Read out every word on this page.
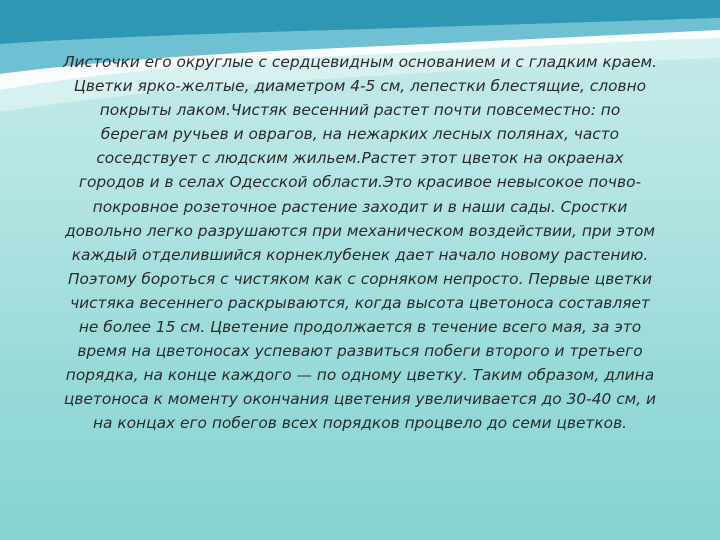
Листочки его округлые с сердцевидным основанием и с гладким краем.
Цветки ярко-желтые, диаметром 4-5 см, лепестки блестящие, словно
покрыты лаком.Чистяк весенний растет почти повсеместно: по
берегам ручьев и оврагов, на нежарких лесных полянах, часто
соседствует с людским жильем.Растет этот цветок на окраенах
городов и в селах Одесской области.Это красивое невысокое почво-
покровное розеточное растение заходит и в наши сады. Сростки
довольно легко разрушаются при механическом воздействии, при этом
каждый отделившийся корнеклубенек дает начало новому растению.
Поэтому бороться с чистяком как с сорняком непросто. Первые цветки
чистяка весеннего раскрываются, когда высота цветоноса составляет
не более 15 см. Цветение продолжается в течение всего мая, за это
время на цветоносах успевают развиться побеги второго и третьего
порядка, на конце каждого — по одному цветку. Таким образом, длина
цветоноса к моменту окончания цветения увеличивается до 30-40 см, и
на концах его побегов всех порядков процвело до семи цветков.
